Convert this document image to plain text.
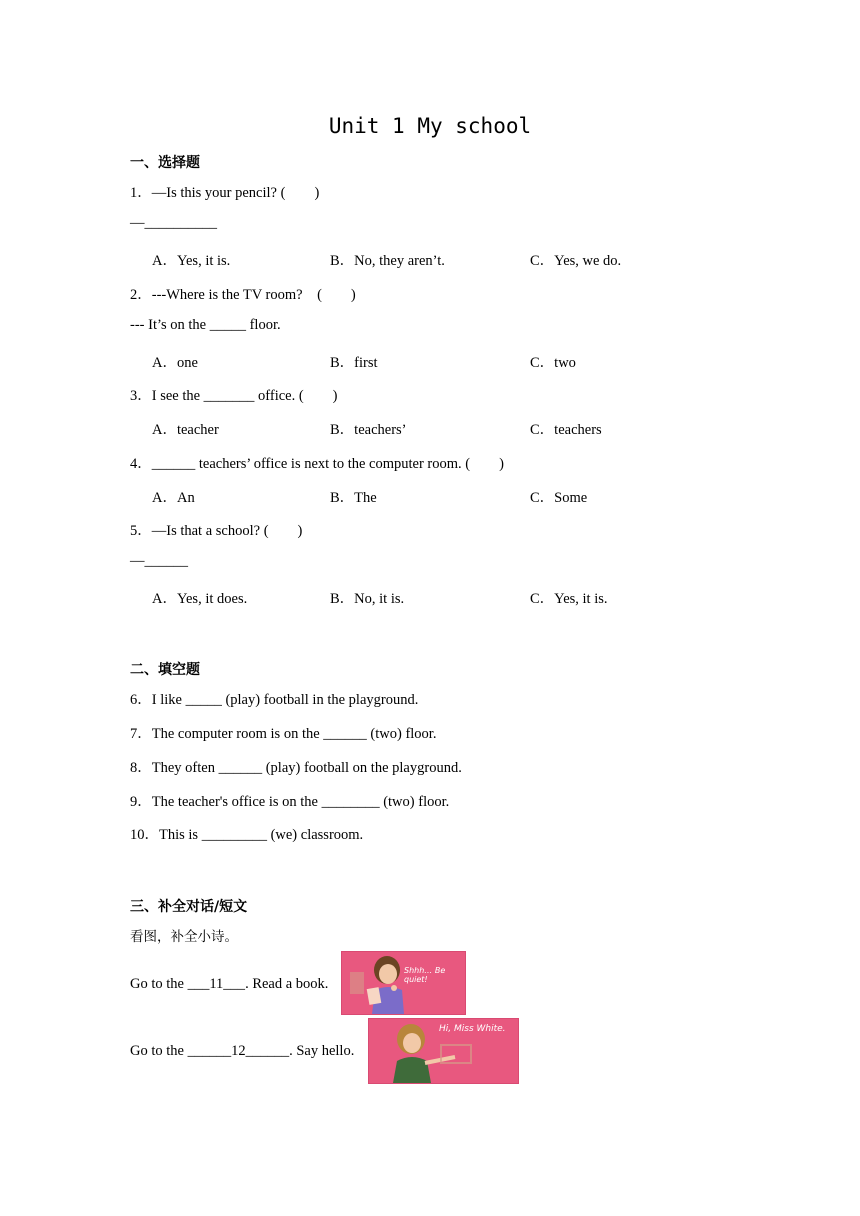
Unit 1 My school
一、选择题
1．—Is this your pencil? (　　)
—__________
A．Yes, it is.	B．No, they aren’t.	C．Yes, we do.
2．---Where is the TV room?　(　　)
--- It’s on the _____ floor.
A．one	B．first	C．two
3．I see the _______ office. (　　)
A．teacher	B．teachers’	C．teachers
4．______ teachers’ office is next to the computer room. (　　)
A．An	B．The	C．Some
5．—Is that a school? (　　)
—______
A．Yes, it does.	B．No, it is.	C．Yes, it is.
二、填空题
6．I like _____ (play) football in the playground.
7．The computer room is on the ______ (two) floor.
8．They often ______ (play) football on the playground.
9．The teacher's office is on the ________ (two) floor.
10．This is _________ (we) classroom.
三、补全对话/短文
看图，补全小诗。
Go to the ___11___. Read a book.
Shhh… Be quiet!
Go to the ______12______. Say hello.
Hi, Miss White.
